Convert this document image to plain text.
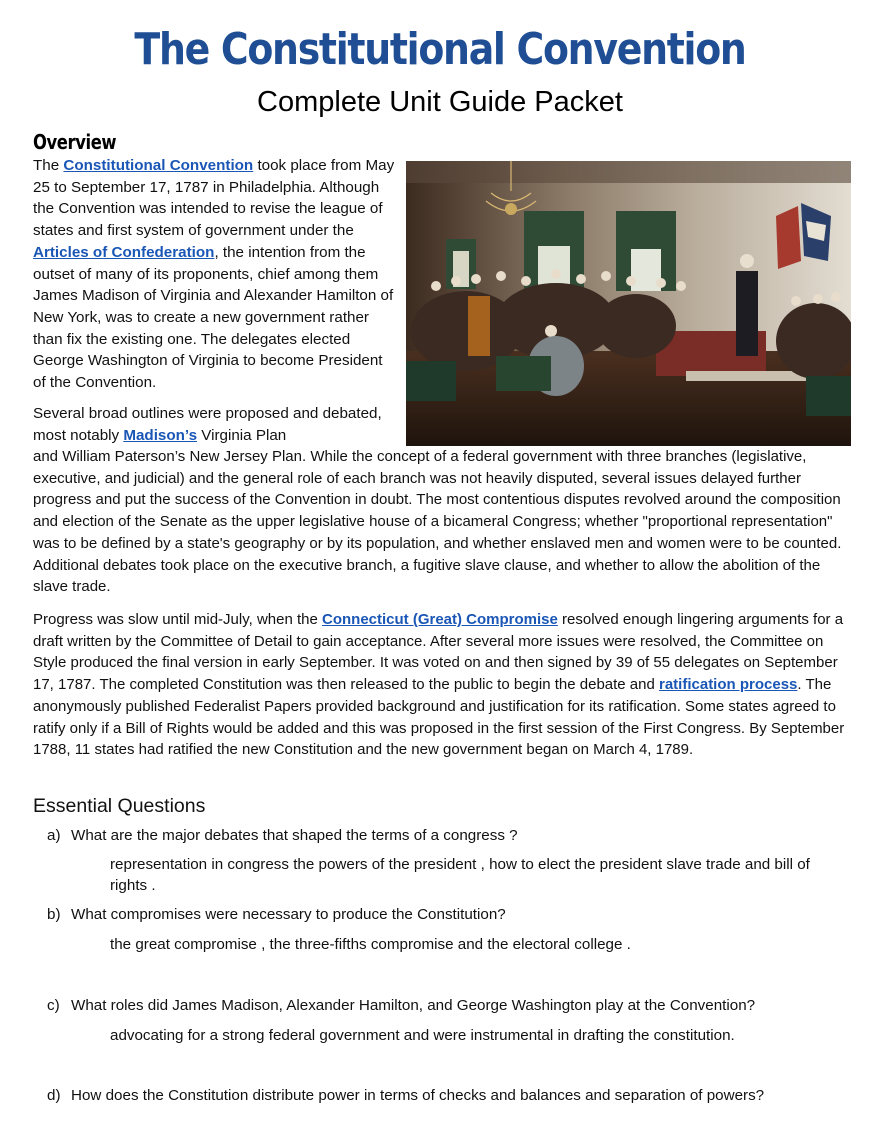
The Constitutional Convention
Complete Unit Guide Packet
Overview
The Constitutional Convention took place from May 25 to September 17, 1787 in Philadelphia. Although the Convention was intended to revise the league of states and first system of government under the Articles of Confederation, the intention from the outset of many of its proponents, chief among them James Madison of Virginia and Alexander Hamilton of New York, was to create a new government rather than fix the existing one. The delegates elected George Washington of Virginia to become President of the Convention.
Several broad outlines were proposed and debated, most notably Madison’s Virginia Plan
and William Paterson’s New Jersey Plan. While the concept of a federal government with three branches (legislative, executive, and judicial) and the general role of each branch was not heavily disputed, several issues delayed further progress and put the success of the Convention in doubt. The most contentious disputes revolved around the composition and election of the Senate as the upper legislative house of a bicameral Congress; whether "proportional representation" was to be defined by a state's geography or by its population, and whether enslaved men and women were to be counted. Additional debates took place on the executive branch, a fugitive slave clause, and whether to allow the abolition of the slave trade.
Progress was slow until mid-July, when the Connecticut (Great) Compromise resolved enough lingering arguments for a draft written by the Committee of Detail to gain acceptance. After several more issues were resolved, the Committee on Style produced the final version in early September. It was voted on and then signed by 39 of 55 delegates on September 17, 1787. The completed Constitution was then released to the public to begin the debate and ratification process. The anonymously published Federalist Papers provided background and justification for its ratification. Some states agreed to ratify only if a Bill of Rights would be added and this was proposed in the first session of the First Congress. By September 1788, 11 states had ratified the new Constitution and the new government began on March 4, 1789.
Essential Questions
a) What are the major debates that shaped the terms of a congress ?
representation in congress the powers of the president , how to elect the president slave trade and bill of rights .
b) What compromises were necessary to produce the Constitution?
the great compromise , the three-fifths compromise and the electoral college .
c) What roles did James Madison, Alexander Hamilton, and George Washington play at the Convention?
advocating for a strong federal government and were instrumental in drafting the constitution.
d) How does the Constitution distribute power in terms of checks and balances and separation of powers?
